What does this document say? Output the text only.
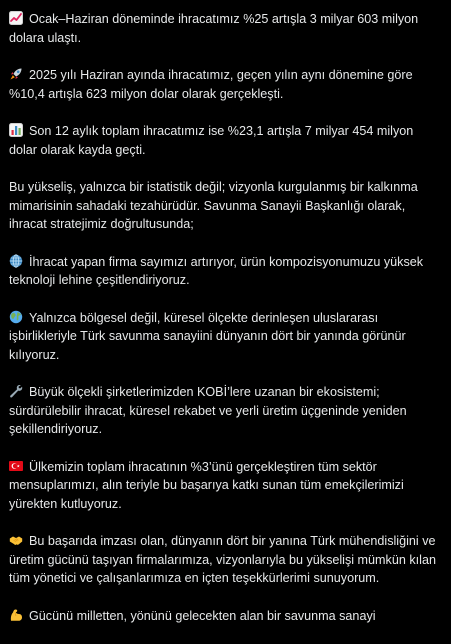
Ocak–Haziran döneminde ihracatımız %25 artışla 3 milyar 603 milyon dolara ulaştı.

2025 yılı Haziran ayında ihracatımız, geçen yılın aynı dönemine göre %10,4 artışla 623 milyon dolar olarak gerçekleşti.

Son 12 aylık toplam ihracatımız ise %23,1 artışla 7 milyar 454 milyon dolar olarak kayda geçti.

Bu yükseliş, yalnızca bir istatistik değil; vizyonla kurgulanmış bir kalkınma mimarisinin sahadaki tezahürüdür. Savunma Sanayii Başkanlığı olarak, ihracat stratejimiz doğrultusunda;

İhracat yapan firma sayımızı artırıyor, ürün kompozisyonumuzu yüksek teknoloji lehine çeşitlendiriyoruz.

Yalnızca bölgesel değil, küresel ölçekte derinleşen uluslararası işbirlikleriyle Türk savunma sanayiini dünyanın dört bir yanında görünür kılıyoruz.

Büyük ölçekli şirketlerimizden KOBİ’lere uzanan bir ekosistemi; sürdürülebilir ihracat, küresel rekabet ve yerli üretim üçgeninde yeniden şekillendiriyoruz.

Ülkemizin toplam ihracatının %3’ünü gerçekleştiren tüm sektör mensuplarımızı, alın teriyle bu başarıya katkı sunan tüm emekçilerimizi yürekten kutluyoruz.

Bu başarıda imzası olan, dünyanın dört bir yanına Türk mühendisliğini ve üretim gücünü taşıyan firmalarımıza, vizyonlarıyla bu yükselişi mümkün kılan tüm yönetici ve çalışanlarımıza en içten teşekkürlerimi sunuyorum.

Gücünü milletten, yönünü gelecekten alan bir savunma sanayi
